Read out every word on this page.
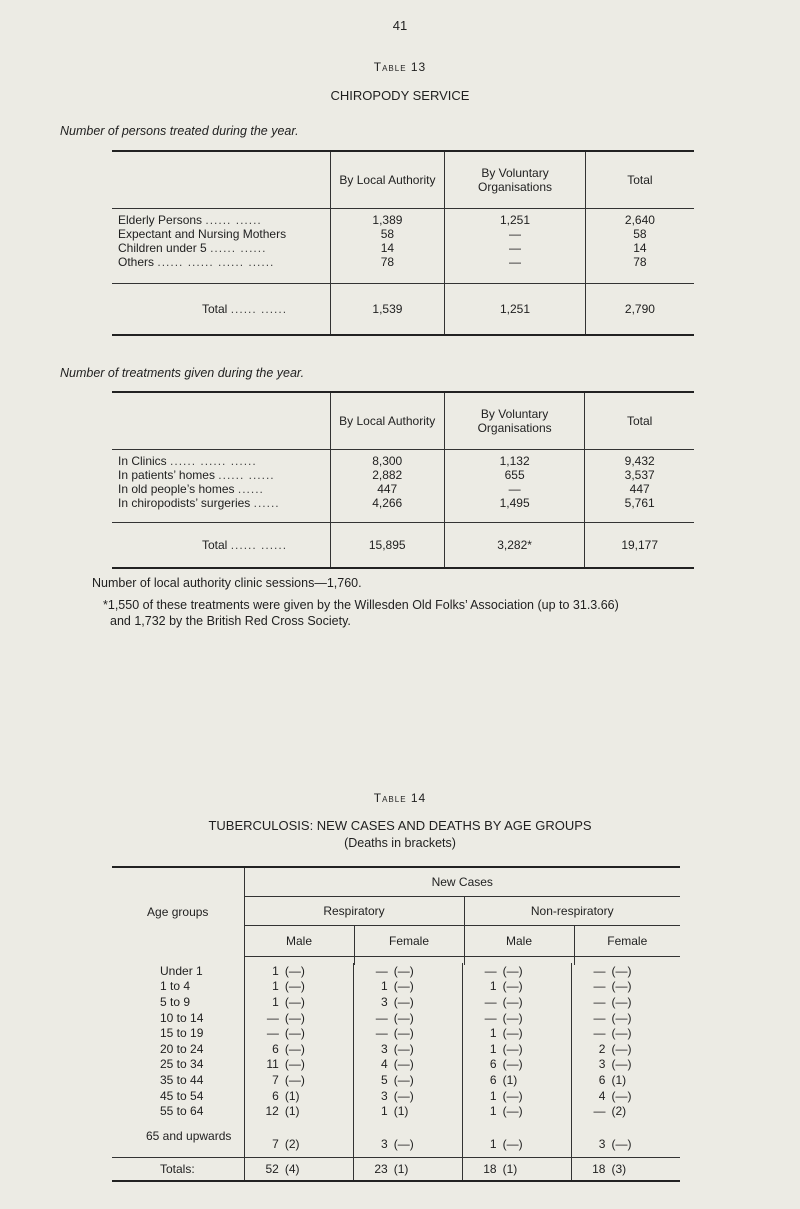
41
Table 13
CHIROPODY SERVICE
Number of persons treated during the year.
	By Local Authority	By Voluntary Organisations	Total

Elderly Persons ...... ......	1,389	1,251	2,640
Expectant and Nursing Mothers	58	—	58
Children under 5 ...... ......	14	—	14
Others ...... ...... ...... ......	78	—	78

Total ...... ......	1,539	1,251	2,790
Number of treatments given during the year.
	By Local Authority	By Voluntary Organisations	Total

In Clinics ...... ...... ......	8,300	1,132	9,432
In patients’ homes ...... ......	2,882	655	3,537
In old people’s homes ......	447	—	447
In chiropodists’ surgeries ......	4,266	1,495	5,761

Total ...... ......	15,895	3,282*	19,177
Number of local authority clinic sessions—1,760.
*1,550 of these treatments were given by the Willesden Old Folks’ Association (up to 31.3.66)
and 1,732 by the British Red Cross Society.
Table 14
TUBERCULOSIS: NEW CASES AND DEATHS BY AGE GROUPS
(Deaths in brackets)
Age groups	New Cases			
	Respiratory		Non-respiratory	
	Male	Female	Male	Female

Under 1	1	(—)	—	(—)	—	(—)	—	(—)
1 to 4	1	(—)	1	(—)	1	(—)	—	(—)
5 to 9	1	(—)	3	(—)	—	(—)	—	(—)
10 to 14	—	(—)	—	(—)	—	(—)	—	(—)
15 to 19	—	(—)	—	(—)	1	(—)	—	(—)
20 to 24	6	(—)	3	(—)	1	(—)	2	(—)
25 to 34	11	(—)	4	(—)	6	(—)	3	(—)
35 to 44	7	(—)	5	(—)	6	(1)	6	(1)
45 to 54	6	(1)	3	(—)	1	(—)	4	(—)
55 to 64	12	(1)	1	(1)	1	(—)	—	(2)
65 and upwards	7	(2)	3	(—)	1	(—)	3	(—)

Totals:	52	(4)	23	(1)	18	(1)	18	(3)
